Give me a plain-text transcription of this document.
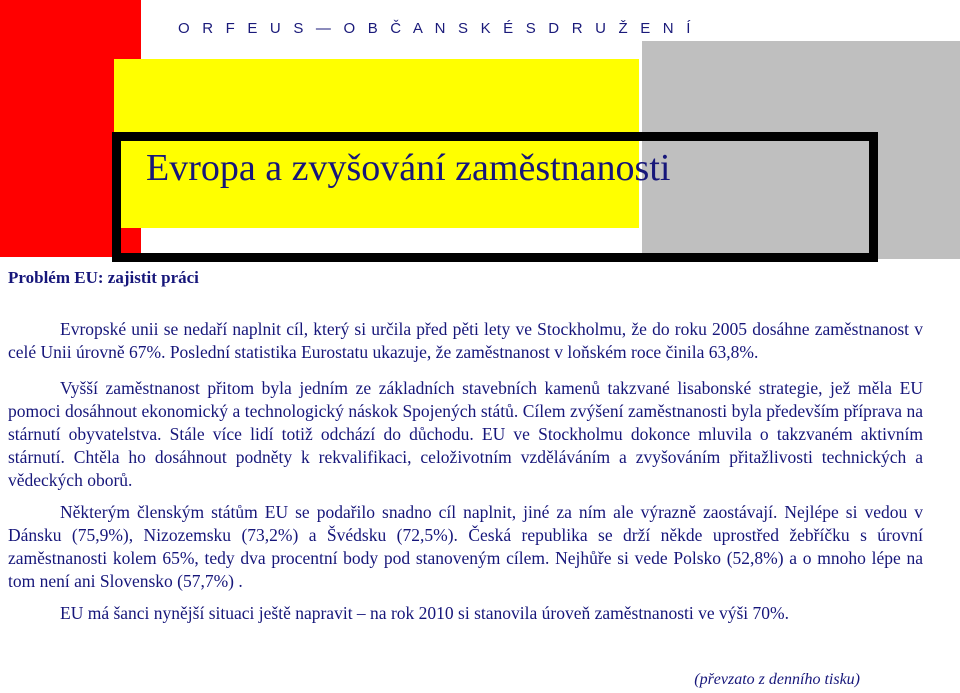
O R F E U S — O B Č A N S K É S D R U Ž E N Í
Evropa a zvyšování zaměstnanosti
Problém EU: zajistit práci

Evropské unii se nedaří naplnit cíl, který si určila před pěti lety ve Stockholmu, že do roku 2005 dosáhne zaměstnanost v celé Unii úrovně 67%. Poslední statistika Eurostatu ukazuje, že zaměstnanost v loňském roce činila 63,8%.

Vyšší zaměstnanost přitom byla jedním ze základních stavebních kamenů takzvané lisabonské strategie, jež měla EU pomoci dosáhnout ekonomický a technologický náskok Spojených států. Cílem zvýšení zaměstnanosti byla především příprava na stárnutí obyvatelstva. Stále více lidí totiž odchází do důchodu. EU ve Stockholmu dokonce mluvila o takzvaném aktivním stárnutí. Chtěla ho dosáhnout podněty k rekvalifikaci, celoživotním vzděláváním a zvyšováním přitažlivosti technických a vědeckých oborů.

Některým členským státům EU se podařilo snadno cíl naplnit, jiné za ním ale výrazně zaostávají. Nejlépe si vedou v Dánsku (75,9%), Nizozemsku (73,2%) a Švédsku (72,5%). Česká republika se drží někde uprostřed žebříčku s úrovní zaměstnanosti kolem 65%, tedy dva procentní body pod stanoveným cílem. Nejhůře si vede Polsko (52,8%) a o mnoho lépe na tom není ani Slovensko (57,7%) .

EU má šanci nynější situaci ještě napravit – na rok 2010 si stanovila úroveň zaměstnanosti ve výši 70%.

(převzato z denního tisku)
